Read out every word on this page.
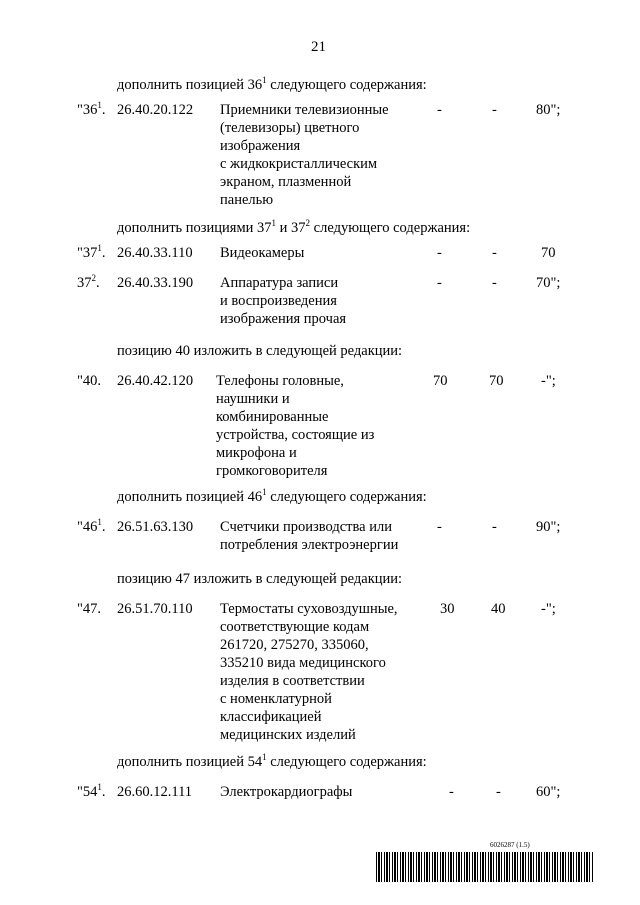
21
дополнить позицией $36^1$ следующего содержания:
"$36^1$. 26.40.20.122 Приемники телевизионные
(телевизоры) цветного
изображения
с жидкокристаллическим
экраном, плазменной
панелью
-	-	80";
дополнить позициями $37^1$ и $37^2$ следующего содержания:
"$37^1$. 26.40.33.110 Видеокамеры	-	-	70
$37^2$. 26.40.33.190 Аппаратура записи
и воспроизведения
изображения прочая
-	-	70";
позицию 40 изложить в следующей редакции:
"40. 26.40.42.120 Телефоны головные,
наушники и
комбинированные
устройства, состоящие из
микрофона и
громкоговорителя
70	70	-";
дополнить позицией $46^1$ следующего содержания:
"$46^1$. 26.51.63.130 Счетчики производства или
потребления электроэнергии
-	-	90";
позицию 47 изложить в следующей редакции:
"47. 26.51.70.110 Термостаты суховоздушные,
соответствующие кодам
261720, 275270, 335060,
335210 вида медицинского
изделия в соответствии
с номенклатурной
классификацией
медицинских изделий
30	40 -";
дополнить позицией $54^1$ следующего содержания:
"$54^1$. 26.60.12.111 Электрокардиографы	-	- 60";
6026287 (1.5)
